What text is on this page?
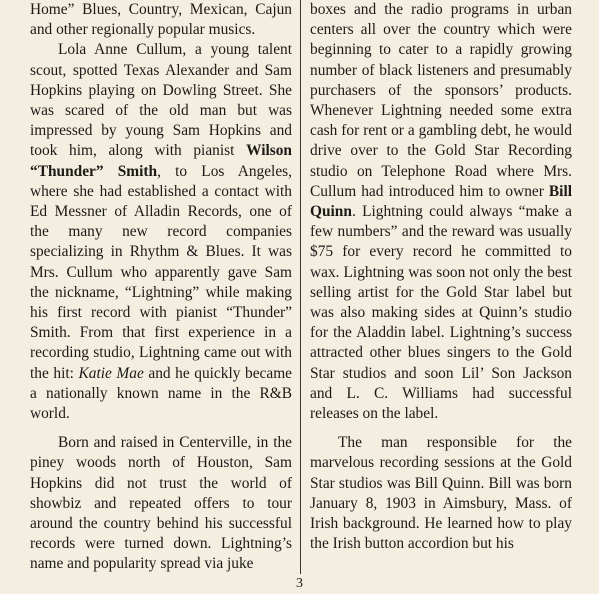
Home” Blues, Country, Mexican, Cajun and other regionally popular musics.

Lola Anne Cullum, a young talent scout, spotted Texas Alexander and Sam Hopkins playing on Dowling Street. She was scared of the old man but was impressed by young Sam Hopkins and took him, along with pianist Wilson “Thunder” Smith, to Los Angeles, where she had established a contact with Ed Messner of Alladin Records, one of the many new record companies specializing in Rhythm & Blues. It was Mrs. Cullum who apparently gave Sam the nickname, “Lightning” while making his first record with pianist “Thunder” Smith. From that first experience in a recording studio, Lightning came out with the hit: Katie Mae and he quickly became a nationally known name in the R&B world.

Born and raised in Centerville, in the piney woods north of Houston, Sam Hopkins did not trust the world of showbiz and repeated offers to tour around the country behind his successful records were turned down. Lightning’s name and popularity spread via juke

boxes and the radio programs in urban centers all over the country which were beginning to cater to a rapidly growing number of black listeners and presumably purchasers of the sponsors’ products. Whenever Lightning needed some extra cash for rent or a gambling debt, he would drive over to the Gold Star Recording studio on Telephone Road where Mrs. Cullum had introduced him to owner Bill Quinn. Lightning could always “make a few numbers” and the reward was usually $75 for every record he committed to wax. Lightning was soon not only the best selling artist for the Gold Star label but was also making sides at Quinn’s studio for the Aladdin label. Lightning’s success attracted other blues singers to the Gold Star studios and soon Lil’ Son Jackson and L. C. Williams had successful releases on the label.

The man responsible for the marvelous recording sessions at the Gold Star studios was Bill Quinn. Bill was born January 8, 1903 in Aimsbury, Mass. of Irish background. He learned how to play the Irish button accordion but his

3
